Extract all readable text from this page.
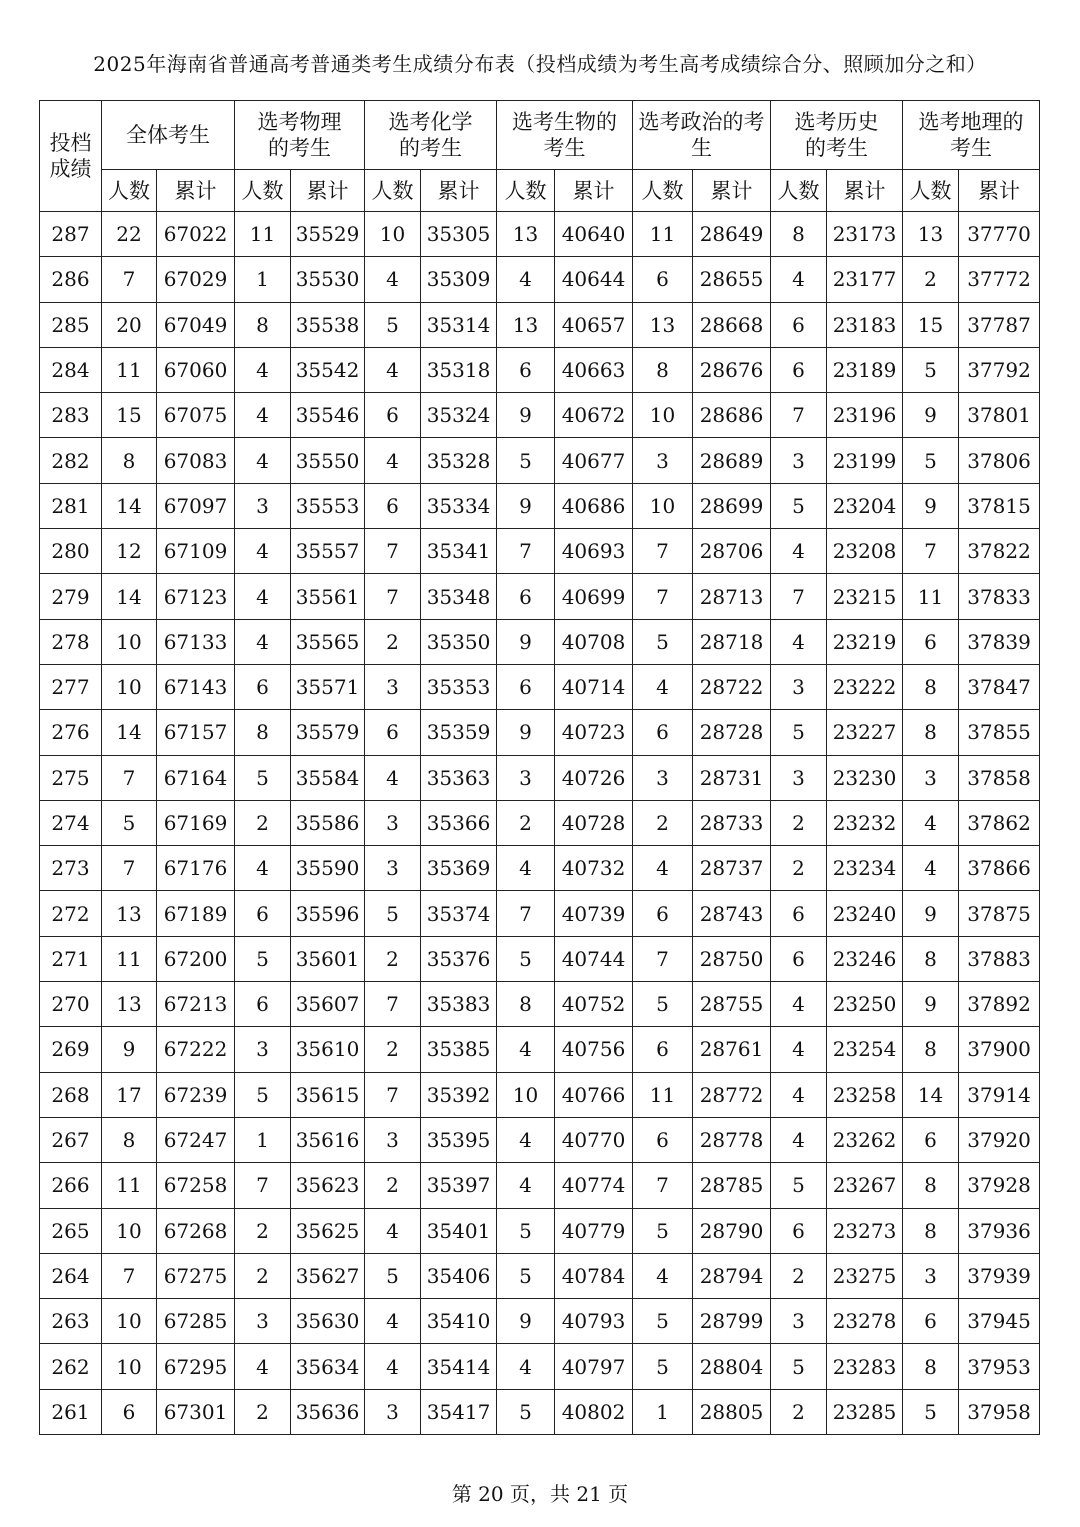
2025年海南省普通高考普通类考生成绩分布表（投档成绩为考生高考成绩综合分、照顾加分之和）
投档成绩	全体考生		选考物理的考生		选考化学的考生		选考生物的考生		选考政治的考生		选考历史的考生		选考地理的考生	
	人数	累计	人数	累计	人数	累计	人数	累计	人数	累计	人数	累计	人数	累计
287	22	67022	11	35529	10	35305	13	40640	11	28649	8	23173	13	37770
286	7	67029	1	35530	4	35309	4	40644	6	28655	4	23177	2	37772
285	20	67049	8	35538	5	35314	13	40657	13	28668	6	23183	15	37787
284	11	67060	4	35542	4	35318	6	40663	8	28676	6	23189	5	37792
283	15	67075	4	35546	6	35324	9	40672	10	28686	7	23196	9	37801
282	8	67083	4	35550	4	35328	5	40677	3	28689	3	23199	5	37806
281	14	67097	3	35553	6	35334	9	40686	10	28699	5	23204	9	37815
280	12	67109	4	35557	7	35341	7	40693	7	28706	4	23208	7	37822
279	14	67123	4	35561	7	35348	6	40699	7	28713	7	23215	11	37833
278	10	67133	4	35565	2	35350	9	40708	5	28718	4	23219	6	37839
277	10	67143	6	35571	3	35353	6	40714	4	28722	3	23222	8	37847
276	14	67157	8	35579	6	35359	9	40723	6	28728	5	23227	8	37855
275	7	67164	5	35584	4	35363	3	40726	3	28731	3	23230	3	37858
274	5	67169	2	35586	3	35366	2	40728	2	28733	2	23232	4	37862
273	7	67176	4	35590	3	35369	4	40732	4	28737	2	23234	4	37866
272	13	67189	6	35596	5	35374	7	40739	6	28743	6	23240	9	37875
271	11	67200	5	35601	2	35376	5	40744	7	28750	6	23246	8	37883
270	13	67213	6	35607	7	35383	8	40752	5	28755	4	23250	9	37892
269	9	67222	3	35610	2	35385	4	40756	6	28761	4	23254	8	37900
268	17	67239	5	35615	7	35392	10	40766	11	28772	4	23258	14	37914
267	8	67247	1	35616	3	35395	4	40770	6	28778	4	23262	6	37920
266	11	67258	7	35623	2	35397	4	40774	7	28785	5	23267	8	37928
265	10	67268	2	35625	4	35401	5	40779	5	28790	6	23273	8	37936
264	7	67275	2	35627	5	35406	5	40784	4	28794	2	23275	3	37939
263	10	67285	3	35630	4	35410	9	40793	5	28799	3	23278	6	37945
262	10	67295	4	35634	4	35414	4	40797	5	28804	5	23283	8	37953
261	6	67301	2	35636	3	35417	5	40802	1	28805	2	23285	5	37958
第 20 页，共 21 页
